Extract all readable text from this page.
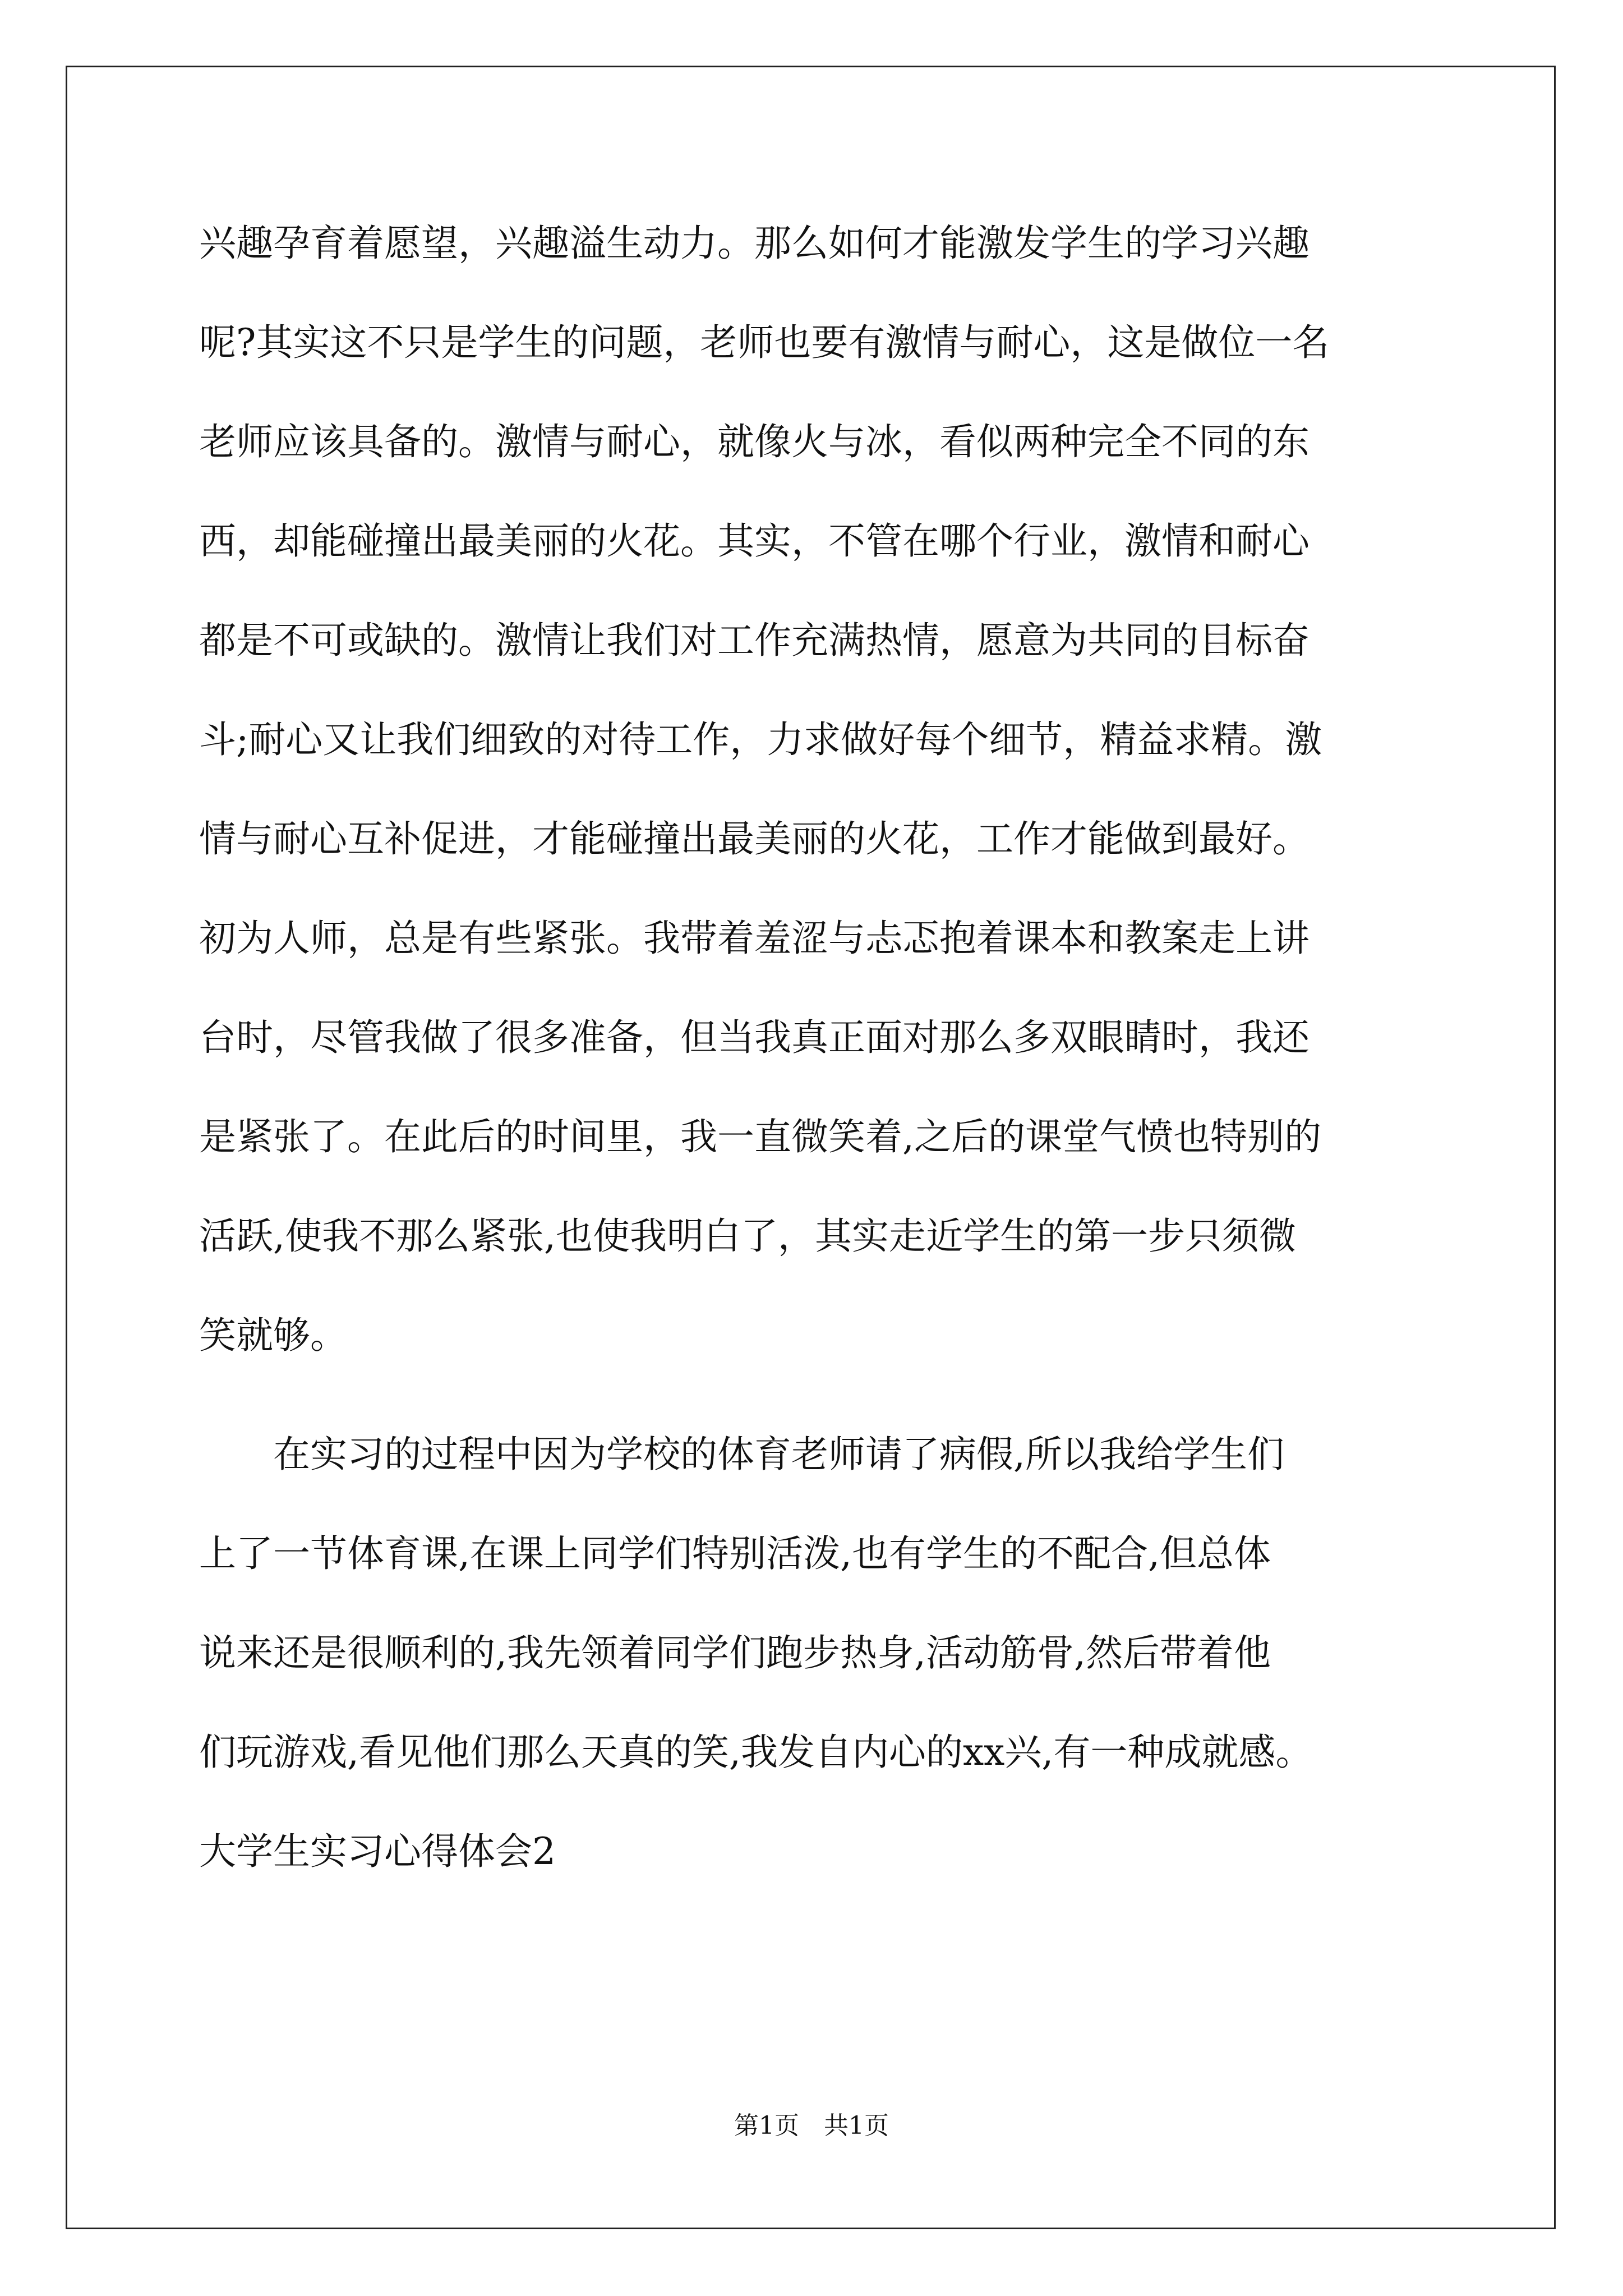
兴趣孕育着愿望，兴趣溢生动力。那么如何才能激发学生的学习兴趣
呢?其实这不只是学生的问题，老师也要有激情与耐心，这是做位一名
老师应该具备的。激情与耐心，就像火与冰，看似两种完全不同的东
西，却能碰撞出最美丽的火花。其实，不管在哪个行业，激情和耐心
都是不可或缺的。激情让我们对工作充满热情，愿意为共同的目标奋
斗;耐心又让我们细致的对待工作，力求做好每个细节，精益求精。激
情与耐心互补促进，才能碰撞出最美丽的火花，工作才能做到最好。
初为人师，总是有些紧张。我带着羞涩与忐忑抱着课本和教案走上讲
台时，尽管我做了很多准备，但当我真正面对那么多双眼睛时，我还
是紧张了。在此后的时间里，我一直微笑着,之后的课堂气愤也特别的
活跃,使我不那么紧张,也使我明白了，其实走近学生的第一步只须微
笑就够。
在实习的过程中因为学校的体育老师请了病假,所以我给学生们
上了一节体育课,在课上同学们特别活泼,也有学生的不配合,但总体
说来还是很顺利的,我先领着同学们跑步热身,活动筋骨,然后带着他
们玩游戏,看见他们那么天真的笑,我发自内心的xx兴,有一种成就感。
大学生实习心得体会2
第1页　共1页
